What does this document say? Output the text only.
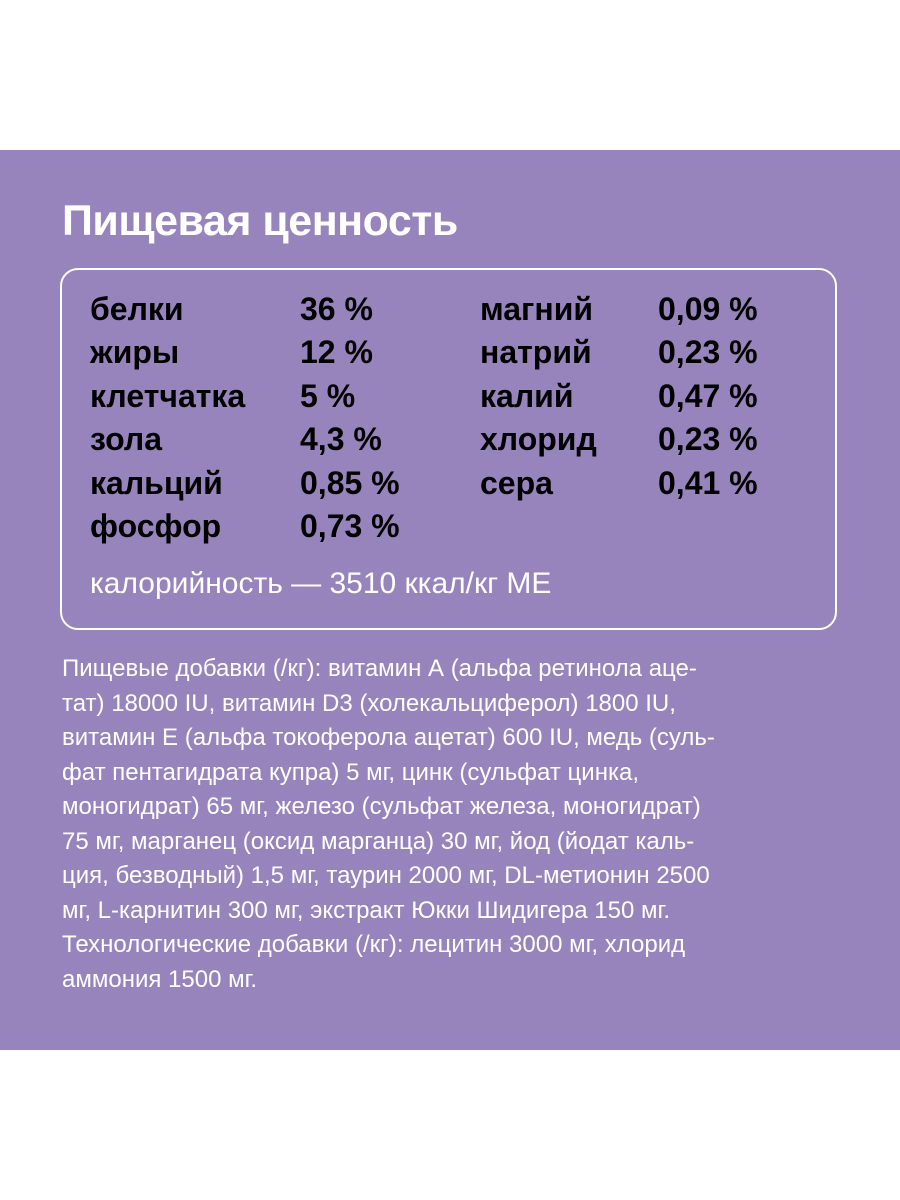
Пищевая ценность
белки	36 %	магний 0,09 %
жиры	12 %	натрий 0,23 %
клетчатка 5 %	калий	0,47 %
зола	4,3 %	хлорид 0,23 %
кальций 0,85 %	сера	0,41 %
фосфор 0,73 %
калорийность — 3510 ккал/кг МЕ

Пищевые добавки (/кг): витамин А (альфа ретинола аце-
тат) 18000 IU, витамин D3 (холекальциферол) 1800 IU,
витамин Е (альфа токоферола ацетат) 600 IU, медь (суль-
фат пентагидрата купра) 5 мг, цинк (сульфат цинка,
моногидрат) 65 мг, железо (сульфат железа, моногидрат)
75 мг, марганец (оксид марганца) 30 мг, йод (йодат каль-
ция, безводный) 1,5 мг, таурин 2000 мг, DL-метионин 2500
мг, L-карнитин 300 мг, экстракт Юкки Шидигера 150 мг.
Технологические добавки (/кг): лецитин 3000 мг, хлорид
аммония 1500 мг.
